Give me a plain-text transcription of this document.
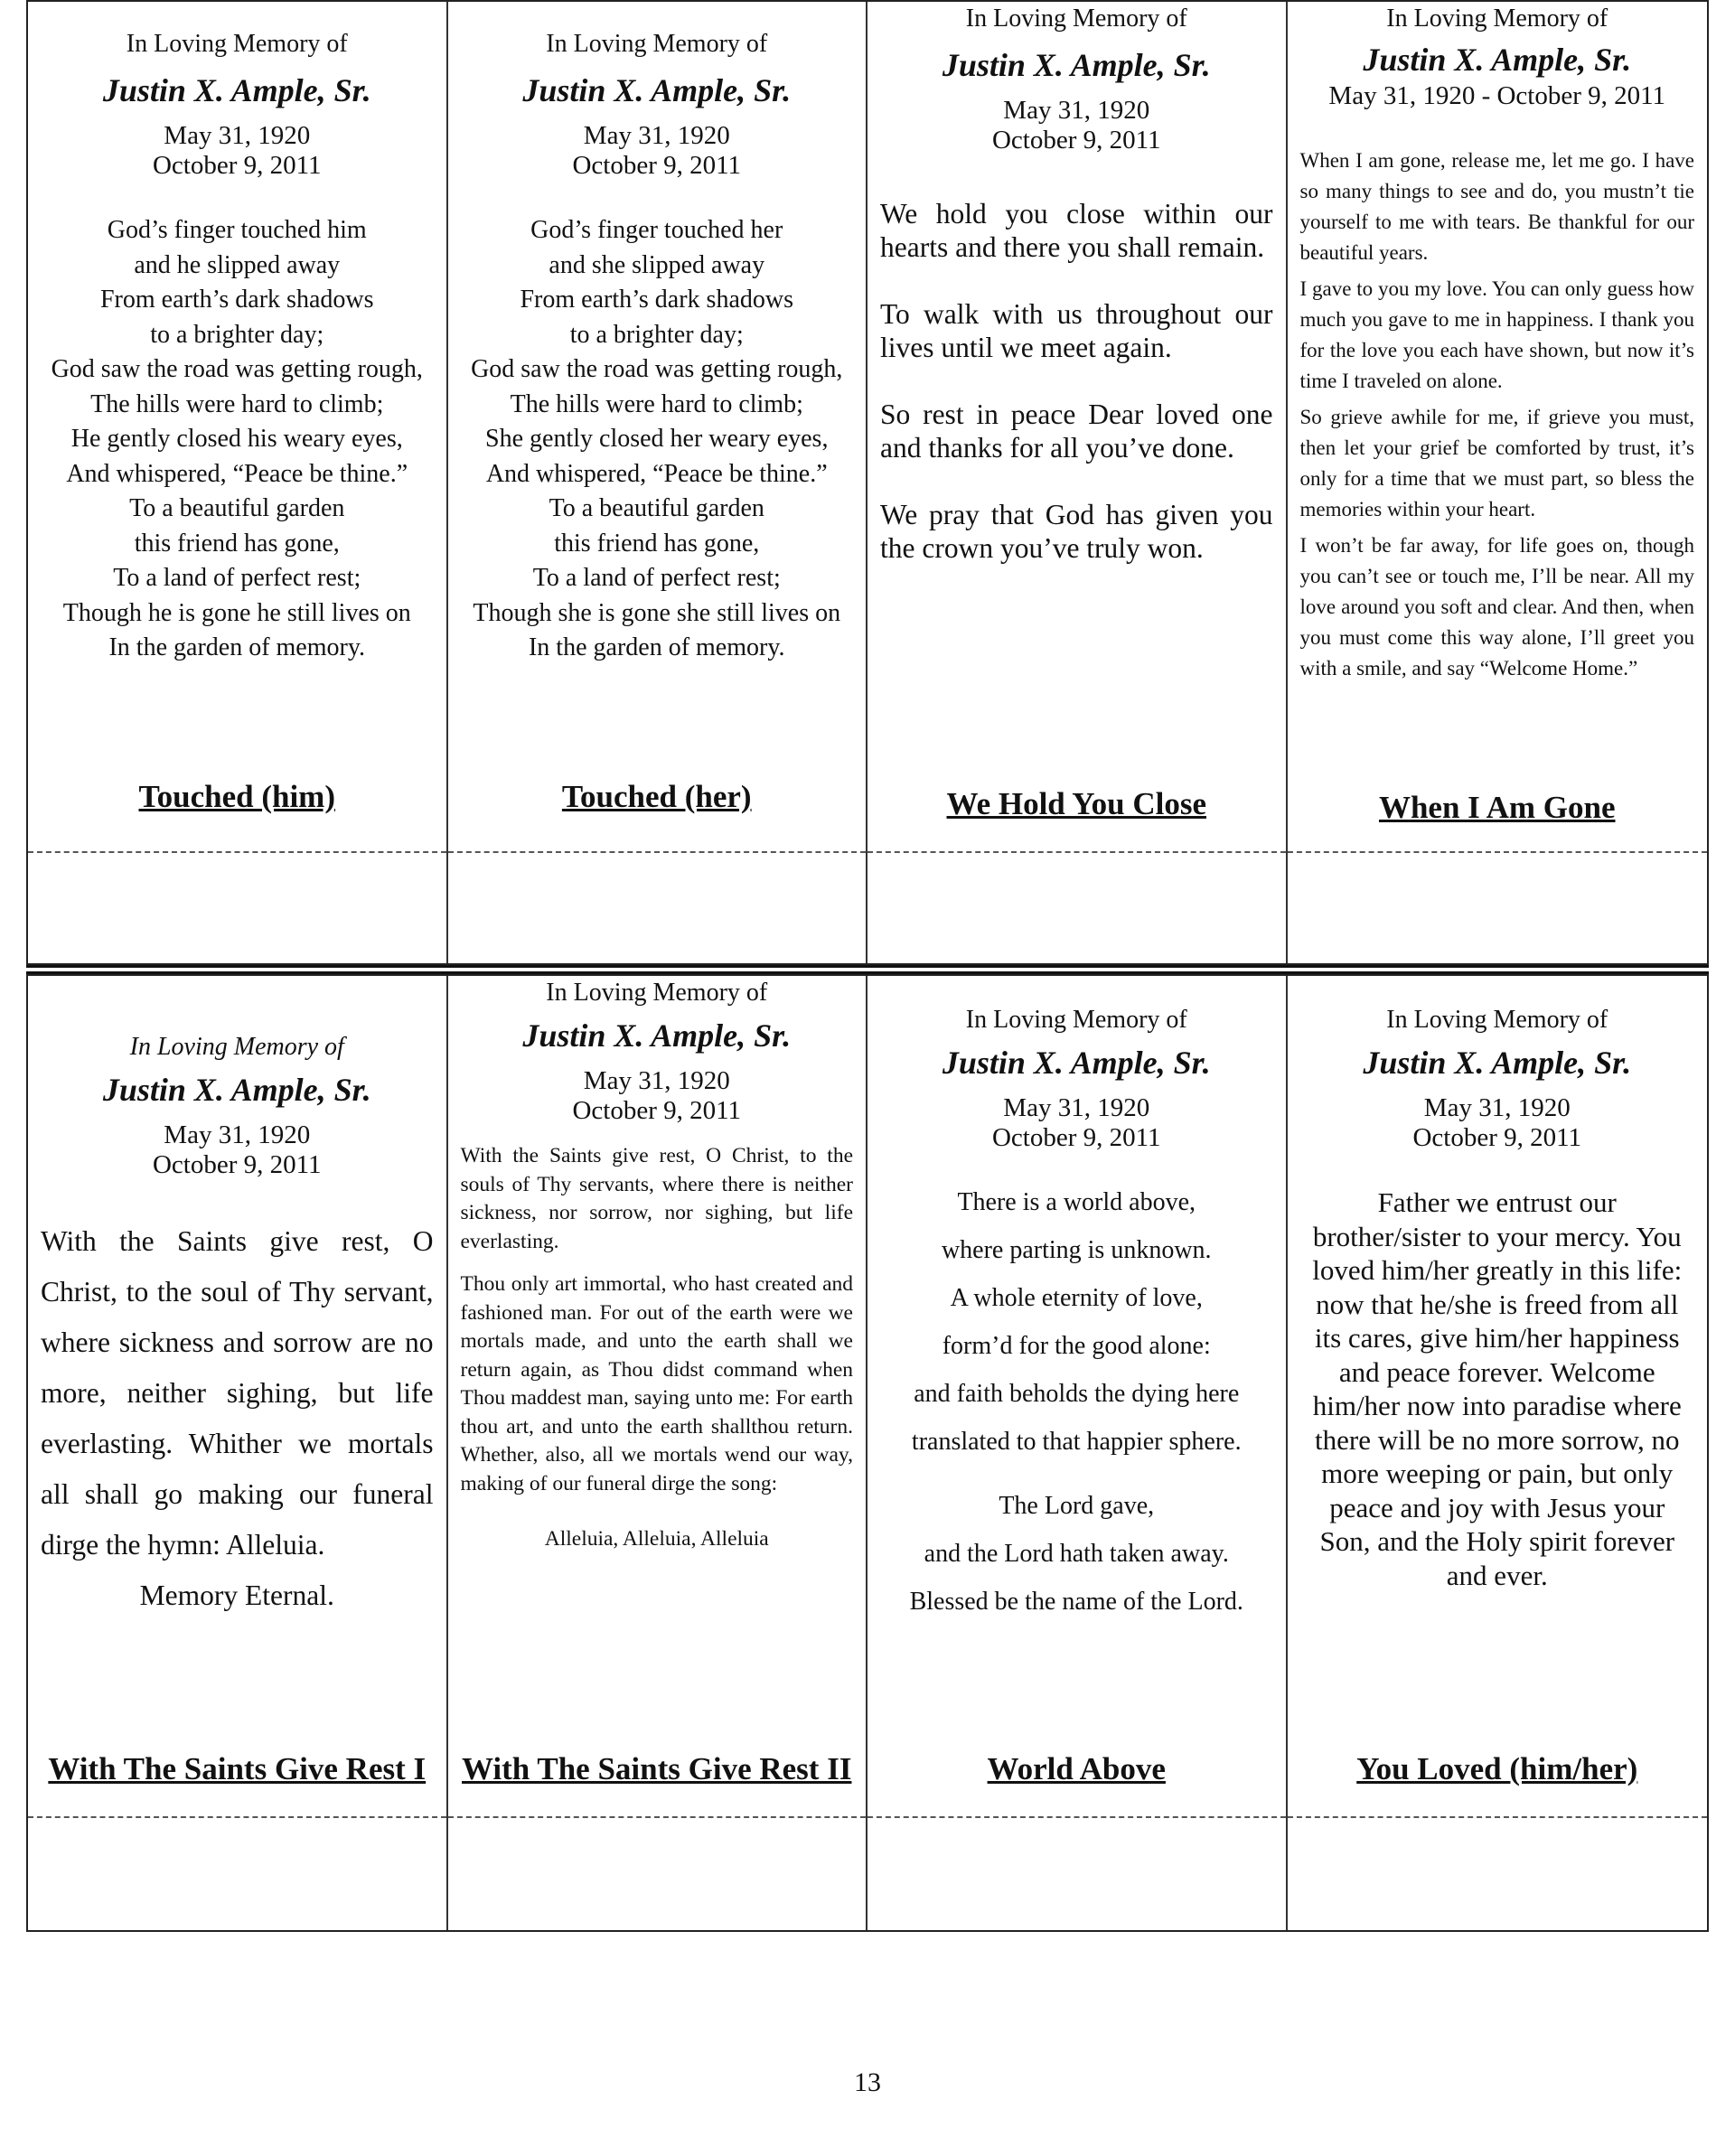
In Loving Memory of
Justin X. Ample, Sr.

May 31, 1920

October 9, 2011

God’s finger touched him

and he slipped away

From earth’s dark shadows

to a brighter day;

God saw the road was getting rough,

The hills were hard to climb;

He gently closed his weary eyes,

And whispered, “Peace be thine.”

To a beautiful garden

this friend has gone,

To a land of perfect rest;

Though he is gone he still lives on

In the garden of memory.

Touched (him)
In Loving Memory of
Justin X. Ample, Sr.

May 31, 1920

October 9, 2011

God’s finger touched her

and she slipped away

From earth’s dark shadows

to a brighter day;

God saw the road was getting rough,

The hills were hard to climb;

She gently closed her weary eyes,

And whispered, “Peace be thine.”

To a beautiful garden

this friend has gone,

To a land of perfect rest;

Though she is gone she still lives on

In the garden of memory.

Touched (her)
In Loving Memory of
Justin X. Ample, Sr.

May 31, 1920

October 9, 2011

We hold you close within our hearts and there you shall remain.

To walk with us throughout our lives until we meet again.

So rest in peace Dear loved one and thanks for all you’ve done.

We pray that God has given you the crown you’ve truly won.

We Hold You Close
In Loving Memory of
Justin X. Ample, Sr.

May 31, 1920 - October 9, 2011

When I am gone, release me, let me go. I have so many things to see and do, you mustn’t tie yourself to me with tears. Be thankful for our beautiful years.

I gave to you my love. You can only guess how much you gave to me in happiness. I thank you for the love you each have shown, but now it’s time I traveled on alone.

So grieve awhile for me, if grieve you must, then let your grief be comforted by trust, it’s only for a time that we must part, so bless the memories within your heart.

I won’t be far away, for life goes on, though you can’t see or touch me, I’ll be near. All my love around you soft and clear. And then, when you must come this way alone, I’ll greet you with a smile, and say “Welcome Home.”

When I Am Gone
In Loving Memory of
Justin X. Ample, Sr.

May 31, 1920

October 9, 2011

With the Saints give rest, O Christ, to the soul of Thy servant, where sickness and sorrow are no more, neither sighing, but life everlasting. Whither we mortals all shall go making our funeral dirge the hymn: Alleluia.

Memory Eternal.

With The Saints Give Rest I
In Loving Memory of
Justin X. Ample, Sr.

May 31, 1920

October 9, 2011

With the Saints give rest, O Christ, to the souls of Thy servants, where there is neither sickness, nor sorrow, nor sighing, but life everlasting.

Thou only art immortal, who hast created and fashioned man. For out of the earth were we mortals made, and unto the earth shall we return again, as Thou didst command when Thou maddest man, saying unto me: For earth thou art, and unto the earth shallthou return. Whether, also, all we mortals wend our way, making of our funeral dirge the song:

Alleluia, Alleluia, Alleluia

With The Saints Give Rest II
In Loving Memory of
Justin X. Ample, Sr.

May 31, 1920

October 9, 2011

There is a world above,

where parting is unknown.

A whole eternity of love,

form’d for the good alone:

and faith beholds the dying here

translated to that happier sphere.

The Lord gave,

and the Lord hath taken away.

Blessed be the name of the Lord.

World Above
In Loving Memory of
Justin X. Ample, Sr.

May 31, 1920

October 9, 2011

Father we entrust our

brother/sister to your mercy. You

loved him/her greatly in this life:

now that he/she is freed from all

its cares, give him/her happiness

and peace forever. Welcome

him/her now into paradise where

there will be no more sorrow, no

more weeping or pain, but only

peace and joy with Jesus your

Son, and the Holy spirit forever

and ever.

You Loved (him/her)
13
